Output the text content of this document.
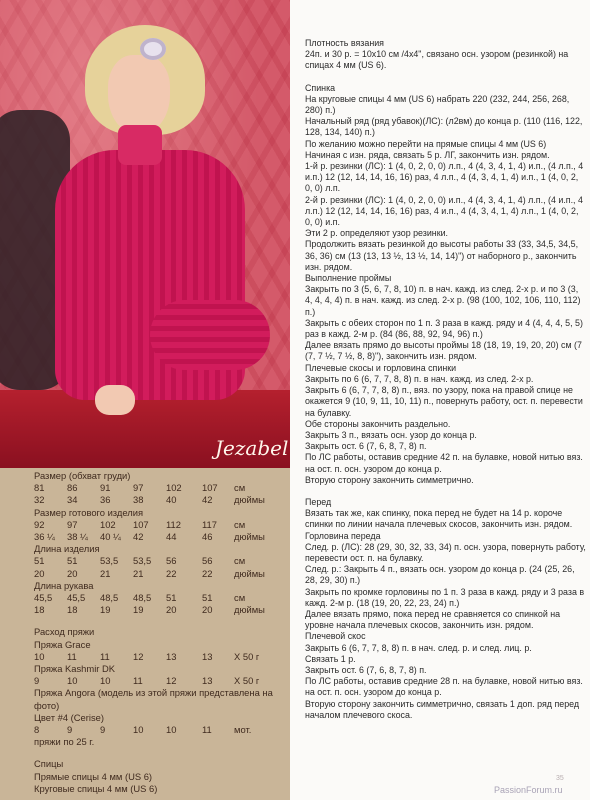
Jezabel
Размер (обхват груди)
81	86	91	97	102	107	см
32	34	36	38	40	42	дюймы
Размер готового изделия
92	97	102	107	112	117	см
36 ¼	38 ¼	40 ¼	42	44	46	дюймы
Длина изделия
51	51	53,5	53,5	56	56	см
20	20	21	21	22	22	дюймы
Длина рукава
45,5	45,5	48,5	48,5	51	51	см
18	18	19	19	20	20	дюймы
Расход пряжи
Пряжа Grace
10	11	11	12	13	13	Х 50 г
Пряжа Kashmir DK
9	10	10	11	12	13	Х 50 г
Пряжа Angora (модель из этой пряжи представлена на фото)
Цвет #4 (Cerise)
8	9	9	10	10	11	мот.
пряжи по 25 г.
Спицы
Прямые спицы 4 мм (US 6)
Круговые спицы 4 мм (US 6)

Плотность вязания

24п. и 30 р. = 10х10 см /4х4", связано осн. узором (резинкой) на спицах 4 мм (US 6).

Спинка

На круговые спицы 4 мм (US 6) набрать 220 (232, 244, 256, 268, 280) п.)

Начальный ряд (ряд убавок)(ЛС): (л2вм) до конца р. (110 (116, 122, 128, 134, 140) п.)

По желанию можно перейти на прямые спицы 4 мм (US 6)

Начиная с изн. ряда, связать 5 р. ЛГ, закончить изн. рядом.

1-й р. резинки (ЛС): 1 (4, 0, 2, 0, 0) л.п., 4 (4, 3, 4, 1, 4) и.п., (4 л.п., 4 и.п.) 12 (12, 14, 14, 16, 16) раз, 4 л.п., 4 (4, 3, 4, 1, 4) и.п., 1 (4, 0, 2, 0, 0) л.п.

2-й р. резинки (ЛС): 1 (4, 0, 2, 0, 0) и.п., 4 (4, 3, 4, 1, 4) л.п., (4 и.п., 4 л.п.) 12 (12, 14, 14, 16, 16) раз, 4 и.п., 4 (4, 3, 4, 1, 4) л.п., 1 (4, 0, 2, 0, 0) и.п.

Эти 2 р. определяют узор резинки.

Продолжить вязать резинкой до высоты работы 33 (33, 34,5, 34,5, 36, 36) см (13 (13, 13 ½, 13 ½, 14, 14)") от наборного р., закончить изн. рядом.

Выполнение проймы

Закрыть по 3 (5, 6, 7, 8, 10) п. в нач. кажд. из след. 2-х р. и по 3 (3, 4, 4, 4, 4) п. в нач. кажд. из след. 2-х р. (98 (100, 102, 106, 110, 112) п.)

Закрыть с обеих сторон по 1 п. 3 раза в кажд. ряду и 4 (4, 4, 4, 5, 5) раз в кажд. 2-м р. (84 (86, 88, 92, 94, 96) п.)

Далее вязать прямо до высоты проймы 18 (18, 19, 19, 20, 20) см (7 (7, 7 ½, 7 ½, 8, 8)"), закончить изн. рядом.

Плечевые скосы и горловина спинки

Закрыть по 6 (6, 7, 7, 8, 8) п. в нач. кажд. из след. 2-х р.

Закрыть 6 (6, 7, 7, 8, 8) п., вяз. по узору, пока на правой спице не окажется 9 (10, 9, 11, 10, 11) п., повернуть работу, ост. п. перевести на булавку.

Обе стороны закончить раздельно.

Закрыть 3 п., вязать осн. узор до конца р.

Закрыть ост. 6 (7, 6, 8, 7, 8) п.

По ЛС работы, оставив средние 42 п. на булавке, новой нитью вяз. на ост. п. осн. узором до конца р.

Вторую сторону закончить симметрично.

Перед

Вязать так же, как спинку, пока перед не будет на 14 р. короче спинки по линии начала плечевых скосов, закончить изн. рядом.

Горловина переда

След. р. (ЛС): 28 (29, 30, 32, 33, 34) п. осн. узора, повернуть работу, перевести ост. п. на булавку.

След. р.: Закрыть 4 п., вязать осн. узором до конца р. (24 (25, 26, 28, 29, 30) п.)

Закрыть по кромке горловины по 1 п. 3 раза в кажд. ряду и 3 раза в кажд. 2-м р. (18 (19, 20, 22, 23, 24) п.)

Далее вязать прямо, пока перед не сравняется со спинкой на уровне начала плечевых скосов, закончить изн. рядом.

Плечевой скос

Закрыть 6 (6, 7, 7, 8, 8) п. в нач. след. р. и след. лиц. р.

Связать 1 р.

Закрыть ост. 6 (7, 6, 8, 7, 8) п.

По ЛС работы, оставив средние 28 п. на булавке, новой нитью вяз. на ост. п. осн. узором до конца р.

Вторую сторону закончить симметрично, связать 1 доп. ряд перед началом плечевого скоса.

35
PassionForum.ru
